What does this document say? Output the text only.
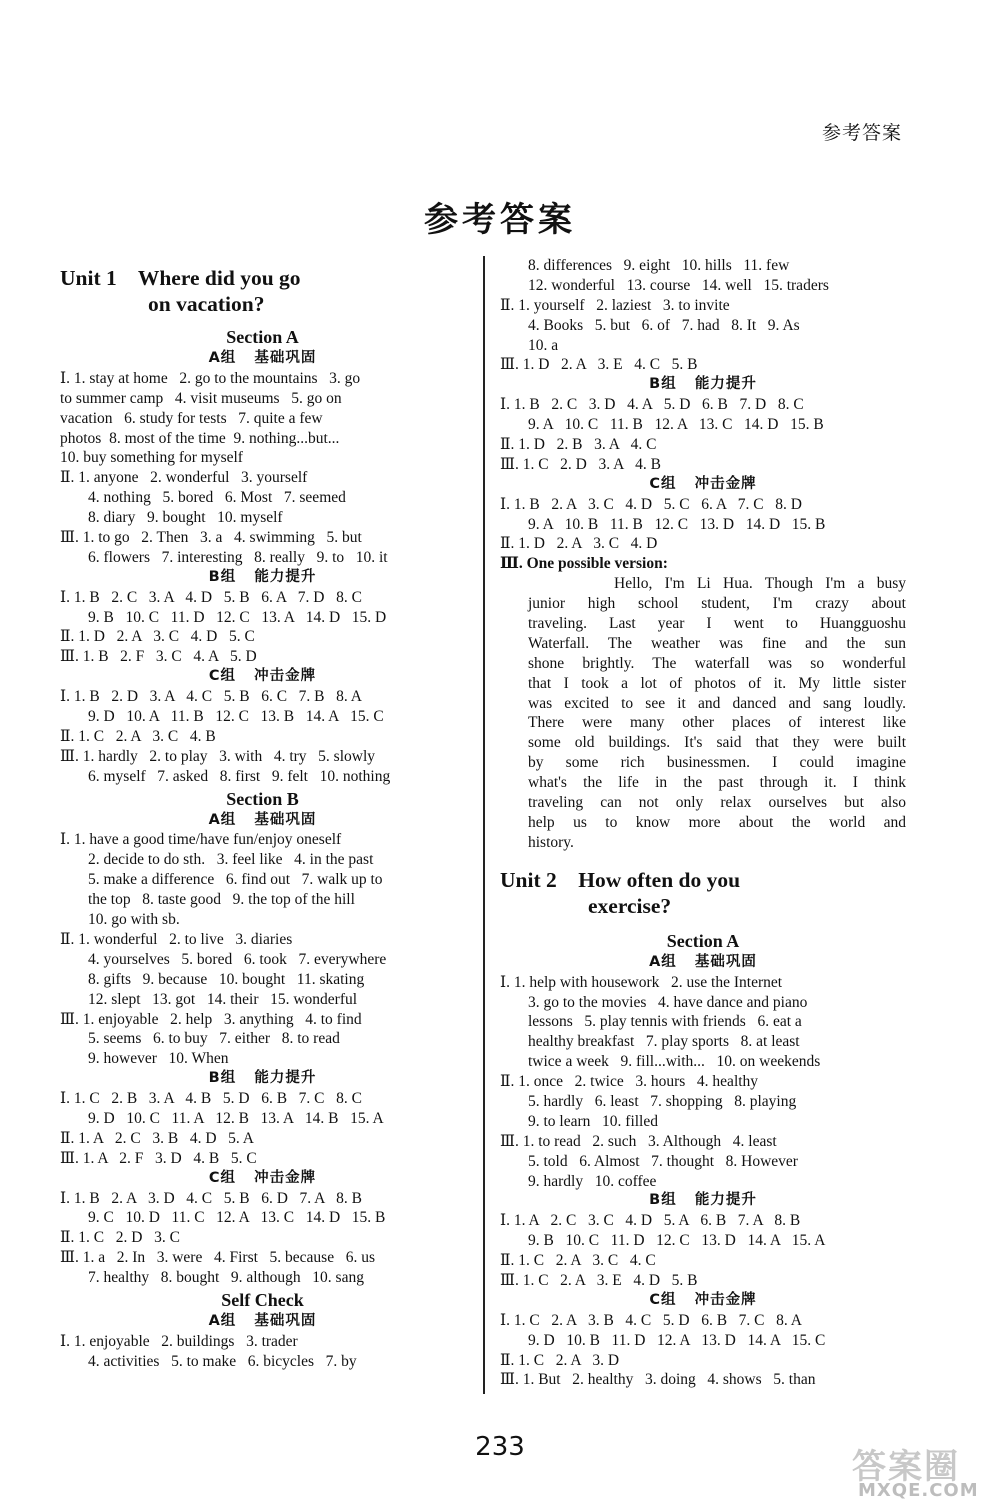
参考答案
参考答案
Unit 1    Where did you go
on vacation?
Section A
A组   基础巩固
Ⅰ. 1. stay at home   2. go to the mountains   3. go
to summer camp   4. visit museums   5. go on
vacation   6. study for tests   7. quite a few
photos  8. most of the time  9. nothing...but...
10. buy something for myself
Ⅱ. 1. anyone   2. wonderful   3. yourself
4. nothing   5. bored   6. Most   7. seemed
8. diary   9. bought   10. myself
Ⅲ. 1. to go   2. Then   3. a   4. swimming   5. but
6. flowers   7. interesting   8. really   9. to   10. it
B组   能力提升
Ⅰ. 1. B   2. C   3. A   4. D   5. B   6. A   7. D   8. C
9. B   10. C   11. D   12. C   13. A   14. D   15. D
Ⅱ. 1. D   2. A   3. C   4. D   5. C
Ⅲ. 1. B   2. F   3. C   4. A   5. D
C组   冲击金牌
Ⅰ. 1. B   2. D   3. A   4. C   5. B   6. C   7. B   8. A
9. D   10. A   11. B   12. C   13. B   14. A   15. C
Ⅱ. 1. C   2. A   3. C   4. B
Ⅲ. 1. hardly   2. to play   3. with   4. try   5. slowly
6. myself   7. asked   8. first   9. felt   10. nothing
Section B
A组   基础巩固
Ⅰ. 1. have a good time/have fun/enjoy oneself
2. decide to do sth.   3. feel like   4. in the past
5. make a difference   6. find out   7. walk up to
the top   8. taste good   9. the top of the hill
10. go with sb.
Ⅱ. 1. wonderful   2. to live   3. diaries
4. yourselves   5. bored   6. took   7. everywhere
8. gifts   9. because   10. bought   11. skating
12. slept   13. got   14. their   15. wonderful
Ⅲ. 1. enjoyable   2. help   3. anything   4. to find
5. seems   6. to buy   7. either   8. to read
9. however   10. When
B组   能力提升
Ⅰ. 1. C   2. B   3. A   4. B   5. D   6. B   7. C   8. C
9. D   10. C   11. A   12. B   13. A   14. B   15. A
Ⅱ. 1. A   2. C   3. B   4. D   5. A
Ⅲ. 1. A   2. F   3. D   4. B   5. C
C组   冲击金牌
Ⅰ. 1. B   2. A   3. D   4. C   5. B   6. D   7. A   8. B
9. C   10. D   11. C   12. A   13. C   14. D   15. B
Ⅱ. 1. C   2. D   3. C
Ⅲ. 1. a   2. In   3. were   4. First   5. because   6. us
7. healthy   8. bought   9. although   10. sang
Self Check
A组   基础巩固
Ⅰ. 1. enjoyable   2. buildings   3. trader
4. activities   5. to make   6. bicycles   7. by
8. differences   9. eight   10. hills   11. few
12. wonderful   13. course   14. well   15. traders
Ⅱ. 1. yourself   2. laziest   3. to invite
4. Books   5. but   6. of   7. had   8. It   9. As
10. a
Ⅲ. 1. D   2. A   3. E   4. C   5. B
B组   能力提升
Ⅰ. 1. B   2. C   3. D   4. A   5. D   6. B   7. D   8. C
9. A   10. C   11. B   12. A   13. C   14. D   15. B
Ⅱ. 1. D   2. B   3. A   4. C
Ⅲ. 1. C   2. D   3. A   4. B
C组   冲击金牌
Ⅰ. 1. B   2. A   3. C   4. D   5. C   6. A   7. C   8. D
9. A   10. B   11. B   12. C   13. D   14. D   15. B
Ⅱ. 1. D   2. A   3. C   4. D
Ⅲ. One possible version:
Hello, I'm Li Hua. Though I'm a busy
junior high school student, I'm crazy about
traveling. Last year I went to Huangguoshu
Waterfall. The weather was fine and the sun
shone brightly. The waterfall was so wonderful
that I took a lot of photos of it. My little sister
was excited to see it and danced and sang loudly.
There were many other places of interest like
some old buildings. It's said that they were built
by some rich businessmen. I could imagine
what's the life in the past through it. I think
traveling can not only relax ourselves but also
help us to know more about the world and
history.
Unit 2    How often do you
exercise?
Section A
A组   基础巩固
Ⅰ. 1. help with housework   2. use the Internet
3. go to the movies   4. have dance and piano
lessons   5. play tennis with friends   6. eat a
healthy breakfast   7. play sports   8. at least
twice a week   9. fill...with...   10. on weekends
Ⅱ. 1. once   2. twice   3. hours   4. healthy
5. hardly   6. least   7. shopping   8. playing
9. to learn   10. filled
Ⅲ. 1. to read   2. such   3. Although   4. least
5. told   6. Almost   7. thought   8. However
9. hardly   10. coffee
B组   能力提升
Ⅰ. 1. A   2. C   3. C   4. D   5. A   6. B   7. A   8. B
9. B   10. C   11. D   12. C   13. D   14. A   15. A
Ⅱ. 1. C   2. A   3. C   4. C
Ⅲ. 1. C   2. A   3. E   4. D   5. B
C组   冲击金牌
Ⅰ. 1. C   2. A   3. B   4. C   5. D   6. B   7. C   8. A
9. D   10. B   11. D   12. A   13. D   14. A   15. C
Ⅱ. 1. C   2. A   3. D
Ⅲ. 1. But   2. healthy   3. doing   4. shows   5. than
233	答案圈
MXQE.COM
